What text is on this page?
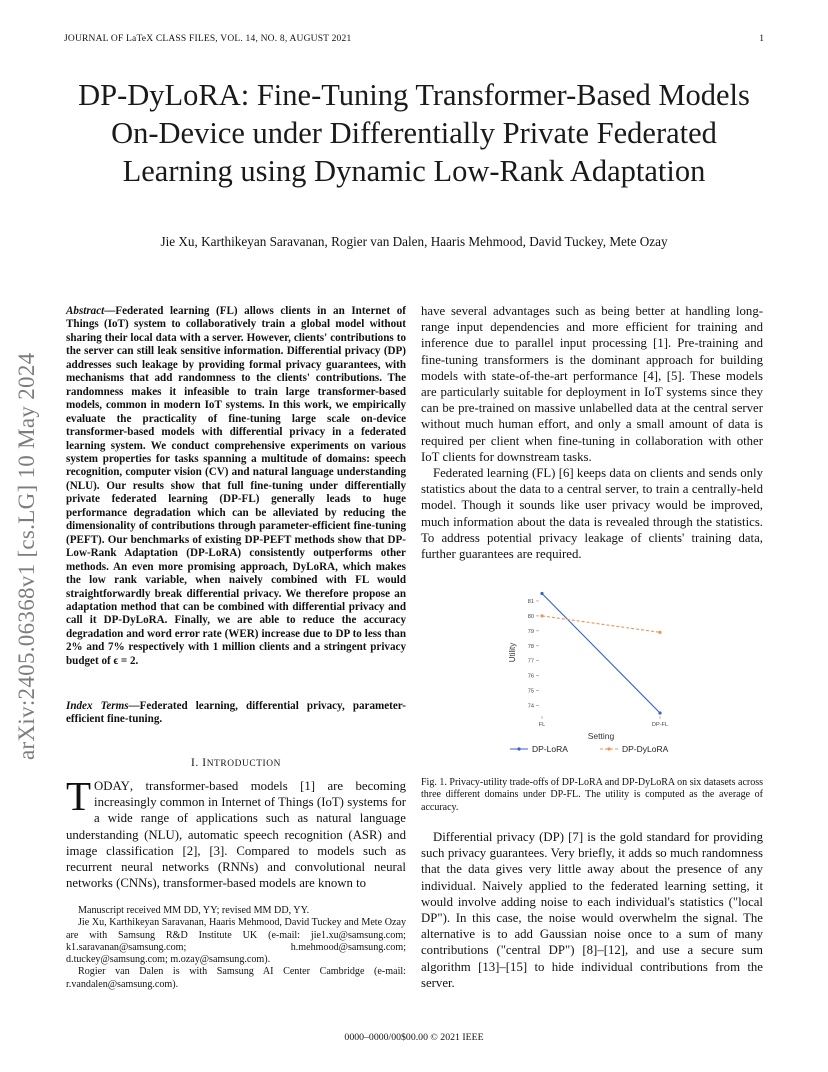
JOURNAL OF LaTeX CLASS FILES, VOL. 14, NO. 8, AUGUST 2021	1
DP-DyLoRA: Fine-Tuning Transformer-Based Models On-Device under Differentially Private Federated Learning using Dynamic Low-Rank Adaptation
Jie Xu, Karthikeyan Saravanan, Rogier van Dalen, Haaris Mehmood, David Tuckey, Mete Ozay
arXiv:2405.06368v1 [cs.LG] 10 May 2024
Abstract—Federated learning (FL) allows clients in an Internet of Things (IoT) system to collaboratively train a global model without sharing their local data with a server. However, clients' contributions to the server can still leak sensitive information. Differential privacy (DP) addresses such leakage by providing formal privacy guarantees, with mechanisms that add randomness to the clients' contributions. The randomness makes it infeasible to train large transformer-based models, common in modern IoT systems. In this work, we empirically evaluate the practicality of fine-tuning large scale on-device transformer-based models with differential privacy in a federated learning system. We conduct comprehensive experiments on various system properties for tasks spanning a multitude of domains: speech recognition, computer vision (CV) and natural language understanding (NLU). Our results show that full fine-tuning under differentially private federated learning (DP-FL) generally leads to huge performance degradation which can be alleviated by reducing the dimensionality of contributions through parameter-efficient fine-tuning (PEFT). Our benchmarks of existing DP-PEFT methods show that DP-Low-Rank Adaptation (DP-LoRA) consistently outperforms other methods. An even more promising approach, DyLoRA, which makes the low rank variable, when naively combined with FL would straightforwardly break differential privacy. We therefore propose an adaptation method that can be combined with differential privacy and call it DP-DyLoRA. Finally, we are able to reduce the accuracy degradation and word error rate (WER) increase due to DP to less than 2% and 7% respectively with 1 million clients and a stringent privacy budget of ϵ = 2.
Index Terms—Federated learning, differential privacy, parameter-efficient fine-tuning.
I. INTRODUCTION
TODAY, transformer-based models [1] are becoming increasingly common in Internet of Things (IoT) systems for a wide range of applications such as natural language understanding (NLU), automatic speech recognition (ASR) and image classification [2], [3]. Compared to models such as recurrent neural networks (RNNs) and convolutional neural networks (CNNs), transformer-based models are known to

Manuscript received MM DD, YY; revised MM DD, YY.

Jie Xu, Karthikeyan Saravanan, Haaris Mehmood, David Tuckey and Mete Ozay are with Samsung R&D Institute UK (e-mail: jie1.xu@samsung.com; k1.saravanan@samsung.com; h.mehmood@samsung.com; d.tuckey@samsung.com; m.ozay@samsung.com).

Rogier van Dalen is with Samsung AI Center Cambridge (e-mail: r.vandalen@samsung.com).

have several advantages such as being better at handling long-range input dependencies and more efficient for training and inference due to parallel input processing [1]. Pre-training and fine-tuning transformers is the dominant approach for building models with state-of-the-art performance [4], [5]. These models are particularly suitable for deployment in IoT systems since they can be pre-trained on massive unlabelled data at the central server without much human effort, and only a small amount of data is required per client when fine-tuning in collaboration with other IoT clients for downstream tasks.

Federated learning (FL) [6] keeps data on clients and sends only statistics about the data to a central server, to train a centrally-held model. Though it sounds like user privacy would be improved, much information about the data is revealed through the statistics. To address potential privacy leakage of clients' training data, further guarantees are required.

Utility
74
75
76
77
78
79
80
81
FL	DP-FL
Setting
DP-LoRA	DP-DyLoRA
Fig. 1. Privacy-utility trade-offs of DP-LoRA and DP-DyLoRA on six datasets across three different domains under DP-FL. The utility is computed as the average of accuracy.

Differential privacy (DP) [7] is the gold standard for providing such privacy guarantees. Very briefly, it adds so much randomness that the data gives very little away about the presence of any individual. Naively applied to the federated learning setting, it would involve adding noise to each individual's statistics ("local DP"). In this case, the noise would overwhelm the signal. The alternative is to add Gaussian noise once to a sum of many contributions ("central DP") [8]–[12], and use a secure sum algorithm [13]–[15] to hide individual contributions from the server.

0000–0000/00$00.00 © 2021 IEEE
